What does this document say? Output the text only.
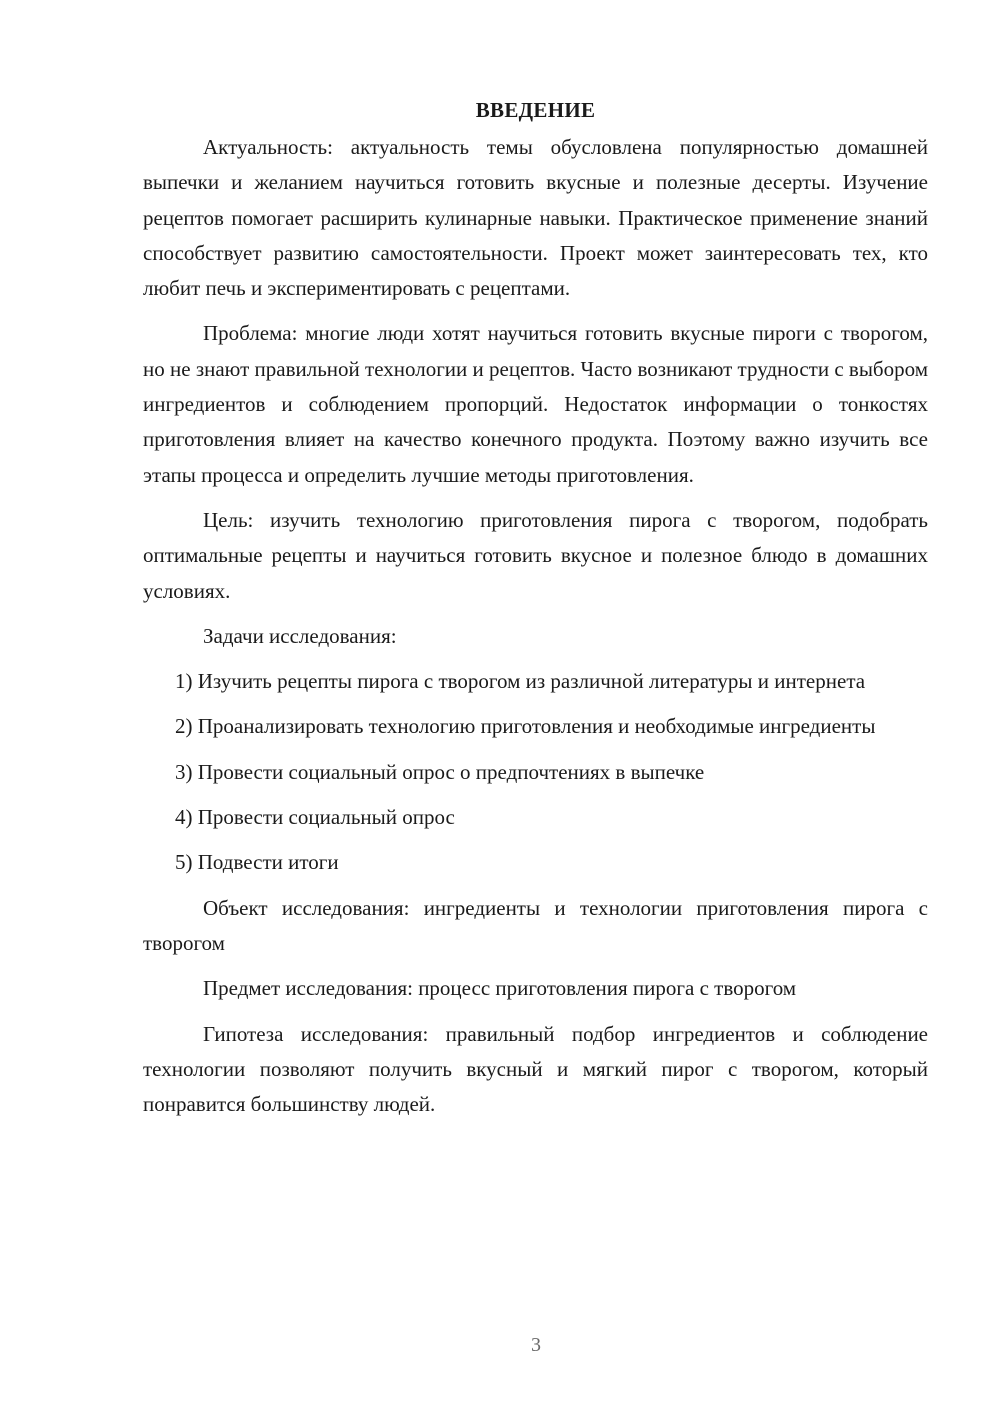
ВВЕДЕНИЕ

Актуальность: актуальность темы обусловлена популярностью домашней выпечки и желанием научиться готовить вкусные и полезные десерты. Изучение рецептов помогает расширить кулинарные навыки. Практическое применение знаний способствует развитию самостоятельности. Проект может заинтересовать тех, кто любит печь и экспериментировать с рецептами.

Проблема: многие люди хотят научиться готовить вкусные пироги с творогом, но не знают правильной технологии и рецептов. Часто возникают трудности с выбором ингредиентов и соблюдением пропорций. Недостаток информации о тонкостях приготовления влияет на качество конечного продукта. Поэтому важно изучить все этапы процесса и определить лучшие методы приготовления.

Цель: изучить технологию приготовления пирога с творогом, подобрать оптимальные рецепты и научиться готовить вкусное и полезное блюдо в домашних условиях.

Задачи исследования:

1) Изучить рецепты пирога с творогом из различной литературы и интернета

2) Проанализировать технологию приготовления и необходимые ингредиенты

3) Провести социальный опрос о предпочтениях в выпечке

4) Провести социальный опрос

5) Подвести итоги

Объект исследования: ингредиенты и технологии приготовления пирога с творогом

Предмет исследования: процесс приготовления пирога с творогом

Гипотеза исследования: правильный подбор ингредиентов и соблюдение технологии позволяют получить вкусный и мягкий пирог с творогом, который понравится большинству людей.

3
